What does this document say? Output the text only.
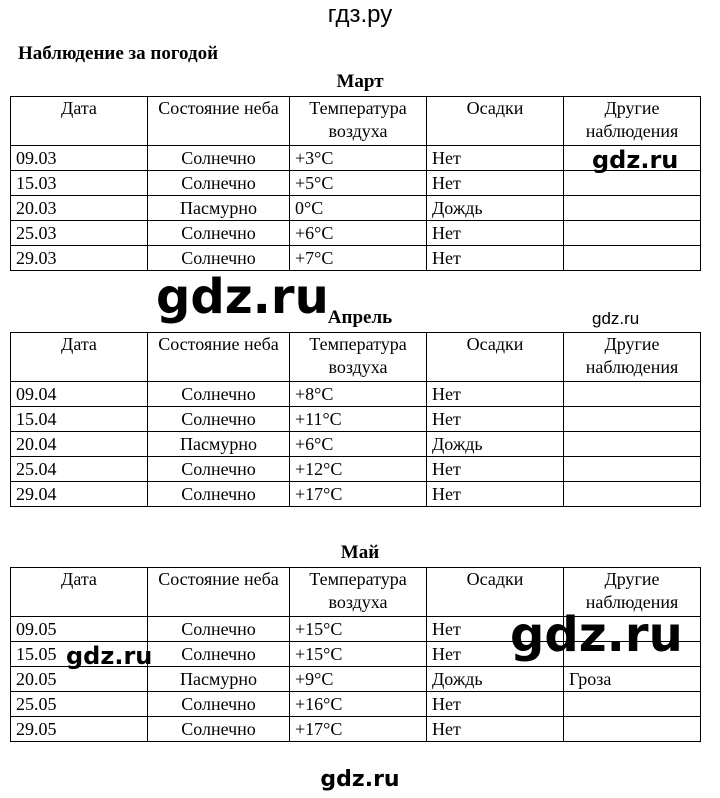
гдз.ру
Наблюдение за погодой
Март
Дата	Состояние неба	Температура воздуха	Осадки	Другие наблюдения
09.03	Солнечно	+3°С	Нет	
15.03	Солнечно	+5°С	Нет	
20.03	Пасмурно	0°С	Дождь	
25.03	Солнечно	+6°С	Нет	
29.03	Солнечно	+7°С	Нет	
Апрель
Дата	Состояние неба	Температура воздуха	Осадки	Другие наблюдения
09.04	Солнечно	+8°С	Нет	
15.04	Солнечно	+11°С	Нет	
20.04	Пасмурно	+6°С	Дождь	
25.04	Солнечно	+12°С	Нет	
29.04	Солнечно	+17°С	Нет	
Май
Дата	Состояние неба	Температура воздуха	Осадки	Другие наблюдения
09.05	Солнечно	+15°С	Нет	
15.05	Солнечно	+15°С	Нет	
20.05	Пасмурно	+9°С	Дождь	Гроза
25.05	Солнечно	+16°С	Нет	
29.05	Солнечно	+17°С	Нет	
gdz.ru
gdz.ru	gdz.ru
gdz.ru
gdz.ru
gdz.ru
